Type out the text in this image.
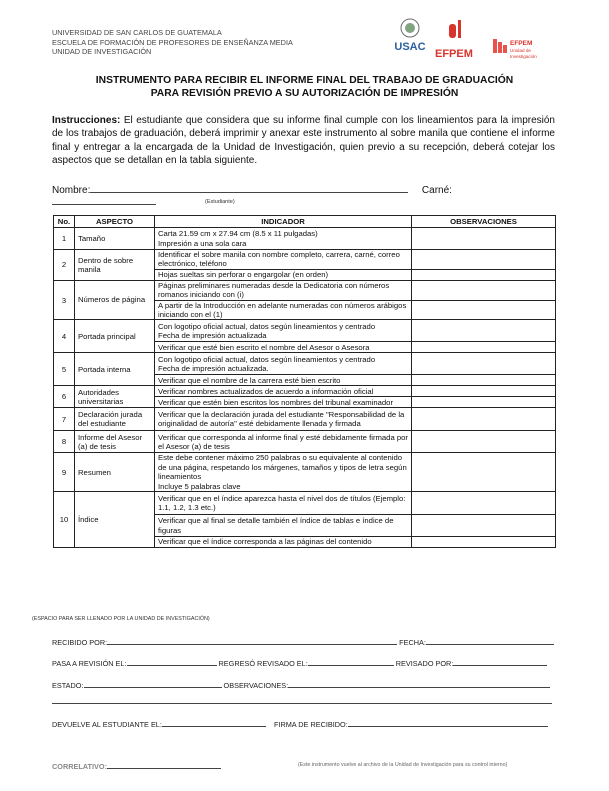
UNIVERSIDAD DE SAN CARLOS DE GUATEMALA
ESCUELA DE FORMACIÓN DE PROFESORES DE ENSEÑANZA MEDIA
UNIDAD DE INVESTIGACIÓN	USAC
EFPEM
EFPEM
Unidad de
Investigación
INSTRUMENTO PARA RECIBIR EL INFORME FINAL DEL TRABAJO DE GRADUACIÓN
PARA REVISIÓN PREVIO A SU AUTORIZACIÓN DE IMPRESIÓN
Instrucciones: El estudiante que considera que su informe final cumple con los lineamientos para la impresión de los trabajos de graduación, deberá imprimir y anexar este instrumento al sobre manila que contiene el informe final y entregar a la encargada de la Unidad de Investigación, quien previo a su recepción, deberá cotejar los aspectos que se detallan en la tabla siguiente.
Nombre:	Carné:
(Estudiante)
No.	ASPECTO	INDICADOR	OBSERVACIONES
1	Tamaño	Carta 21.59 cm x 27.94 cm (8.5 x 11 pulgadas)
Impresión a una sola cara	
2	Dentro de sobre manila	Identificar el sobre manila con nombre completo, carrera, carné, correo electrónico, teléfono	
		Hojas sueltas sin perforar o engargolar (en orden)	
3	Números de página	Páginas preliminares numeradas desde la Dedicatoria con números romanos iniciando con (i)	
		A partir de la Introducción en adelante numeradas con números arábigos iniciando con el (1)	
4	Portada principal	Con logotipo oficial actual, datos según lineamientos y centrado
Fecha de impresión actualizada	
		Verificar que esté bien escrito el nombre del Asesor o Asesora	
5	Portada interna	Con logotipo oficial actual, datos según lineamientos y centrado
Fecha de impresión actualizada.	
		Verificar que el nombre de la carrera esté bien escrito	
6	Autoridades universitarias	Verificar nombres actualizados de acuerdo a información oficial	
		Verificar que estén bien escritos los nombres del tribunal examinador	
7	Declaración jurada del estudiante	Verificar que la declaración jurada del estudiante "Responsabilidad de la originalidad de autoría" esté debidamente llenada y firmada	
8	Informe del Asesor (a) de tesis	Verificar que corresponda al informe final y esté debidamente firmada por el Asesor (a) de tesis	
9	Resumen	Este debe contener máximo 250 palabras o su equivalente al contenido de una página, respetando los márgenes, tamaños y tipos de letra según lineamientos
Incluye 5 palabras clave	
10	Índice	Verificar que en el índice aparezca hasta el nivel dos de títulos (Ejemplo: 1.1, 1.2, 1.3 etc.)	
		Verificar que al final se detalle también el índice de tablas e índice de figuras	
		Verificar que el índice corresponda a las páginas del contenido	
(ESPACIO PARA SER LLENADO POR LA UNIDAD DE INVESTIGACIÓN)
RECIBIDO POR:	FECHA:
PASA A REVISIÓN EL:	REGRESÓ REVISADO EL:	REVISADO POR:
ESTADO:	OBSERVACIONES:
DEVUELVE AL ESTUDIANTE EL:	FIRMA DE RECIBIDO:
CORRELATIVO:	(Este instrumento vuelve al archivo de la Unidad de Investigación para su control interno)
